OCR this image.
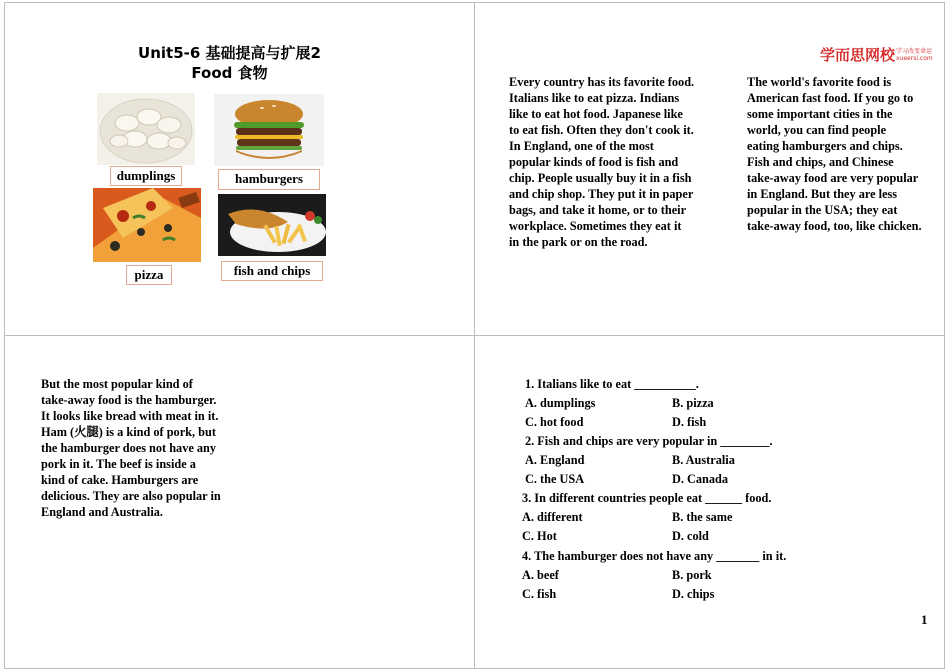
Unit5-6 基础提高与扩展2
Food 食物
dumplings	hamburgers
pizza	fish and chips
学而思网校 学习改变命运
xueersi.com
Every country has its favorite food.
Italians like to eat pizza. Indians
like to eat hot food. Japanese like
to eat fish. Often they don't cook it.
In England, one of the most
popular kinds of food is fish and
chip. People usually buy it in a fish
and chip shop. They put it in paper
bags, and take it home, or to their
workplace. Sometimes they eat it
in the park or on the road.
The world's favorite food is
American fast food. If you go to
some important cities in the
world, you can find people
eating hamburgers and chips.
Fish and chips, and Chinese
take-away food are very popular
in England. But they are less
popular in the USA; they eat
take-away food, too, like chicken.
But the most popular kind of
take-away food is the hamburger.
It looks like bread with meat in it.
Ham (火腿) is a kind of pork, but
the hamburger does not have any
pork in it. The beef is inside a
kind of cake. Hamburgers are
delicious. They are also popular in
England and Australia.
1. Italians like to eat __________.
A. dumplings	B. pizza
C. hot food	D. fish
2. Fish and chips are very popular in ________.
A. England	B. Australia
C. the USA	D. Canada
3. In different countries people eat ______ food.
A. different	B. the same
C. Hot	D. cold
4. The hamburger does not have any _______ in it.
A. beef	B. pork
C. fish	D. chips
1
